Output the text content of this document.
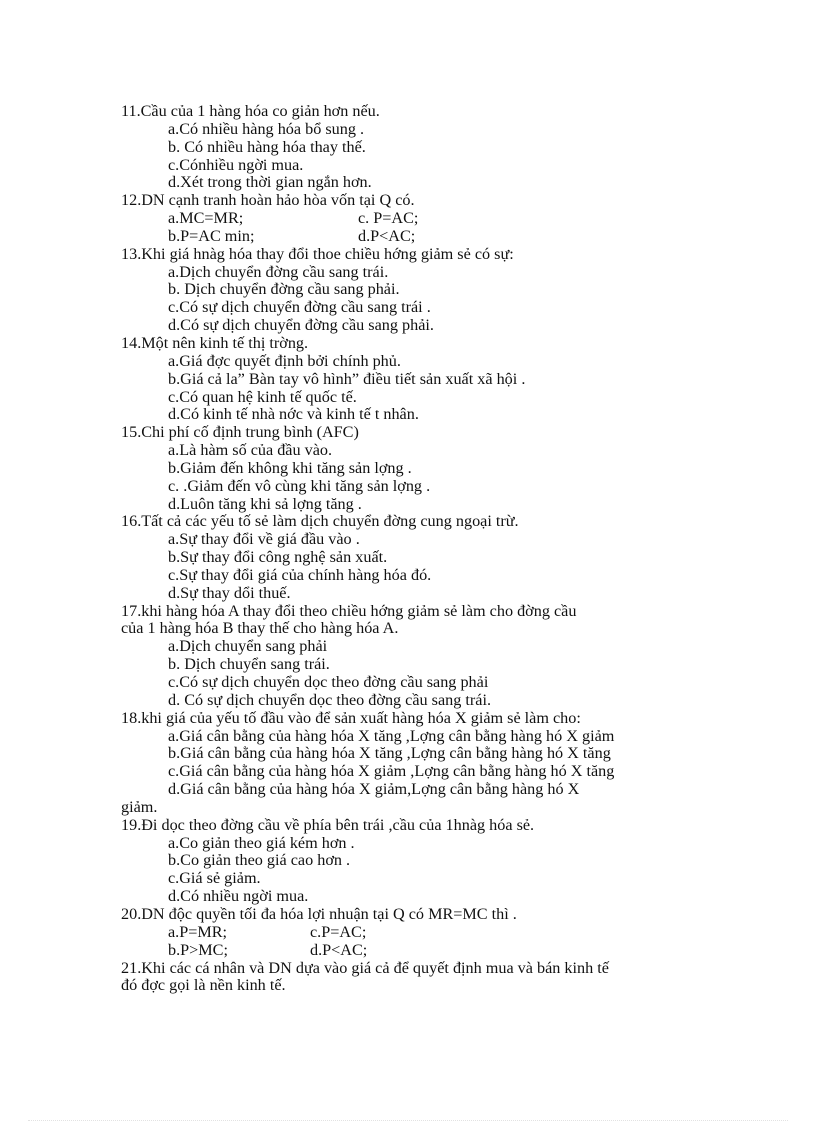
11.Cầu của 1 hàng hóa co giản hơn nếu.
a.Có nhiều hàng hóa bổ sung .
b. Có nhiều hàng hóa thay thế.
c.Cónhiều ngời mua.
d.Xét trong thời gian ngắn hơn.
12.DN cạnh tranh hoàn hảo hòa vốn tại Q có.
a.MC=MR;	c. P=AC;
b.P=AC min;	d.P<AC;
13.Khi giá hnàg hóa thay đổi thoe chiều hớng giảm sẻ có sự:
a.Dịch chuyển đờng cầu sang trái.
b. Dịch chuyển đờng cầu sang phải.
c.Có sự dịch chuyển đờng cầu sang trái .
d.Có sự dịch chuyển đờng cầu sang phải.
14.Một nên kinh tế thị trờng.
a.Giá đợc quyết định bởi chính phủ.
b.Giá cả la” Bàn tay vô hình” điều tiết sản xuất xã hội .
c.Có quan hệ kinh tế quốc tế.
d.Có kinh tế nhà nớc và kinh tế t nhân.
15.Chi phí cố định trung bình (AFC)
a.Là hàm số của đầu vào.
b.Giảm đến không khi tăng sản lợng .
c. .Giảm đến vô cùng khi tăng sản lợng .
d.Luôn tăng khi sả lợng tăng .
16.Tất cả các yếu tố sẻ làm dịch chuyển đờng cung ngoại trừ.
a.Sự thay đổi về giá đầu vào .
b.Sự thay đổi công nghệ sản xuất.
c.Sự thay đổi giá của chính hàng hóa đó.
d.Sự thay dổi thuế.
17.khi hàng hóa A thay đổi theo chiều hớng giảm sẻ làm cho đờng cầu
của 1 hàng hóa B thay thế cho hàng hóa A.
a.Dịch chuyển sang phải
b. Dịch chuyển sang trái.
c.Có sự dịch chuyển dọc theo đờng cầu sang phải
d. Có sự dịch chuyển dọc theo đờng cầu sang trái.
18.khi giá của yếu tố đầu vào để sản xuất hàng hóa X giảm sẻ làm cho:
a.Giá cân bằng của hàng hóa X tăng ,Lợng cân bằng hàng hó X giảm
b.Giá cân bằng của hàng hóa X tăng ,Lợng cân bằng hàng hó X tăng
c.Giá cân bằng của hàng hóa X giảm ,Lợng cân bằng hàng hó X tăng
d.Giá cân bằng của hàng hóa X giảm,Lợng cân bằng hàng hó X
giảm.
19.Đi dọc theo đờng cầu về phía bên trái ,cầu của 1hnàg hóa sẻ.
a.Co giản theo giá kém hơn .
b.Co giản theo giá cao hơn .
c.Giá sẻ giảm.
d.Có nhiều ngời mua.
20.DN độc quyền tối đa hóa lợi nhuận tại Q có MR=MC thì .
a.P=MR;	c.P=AC;
b.P>MC;	d.P<AC;
21.Khi các cá nhân và DN dựa vào giá cả để quyết định mua và bán kinh tế
đó đợc gọi là nền kinh tế.
